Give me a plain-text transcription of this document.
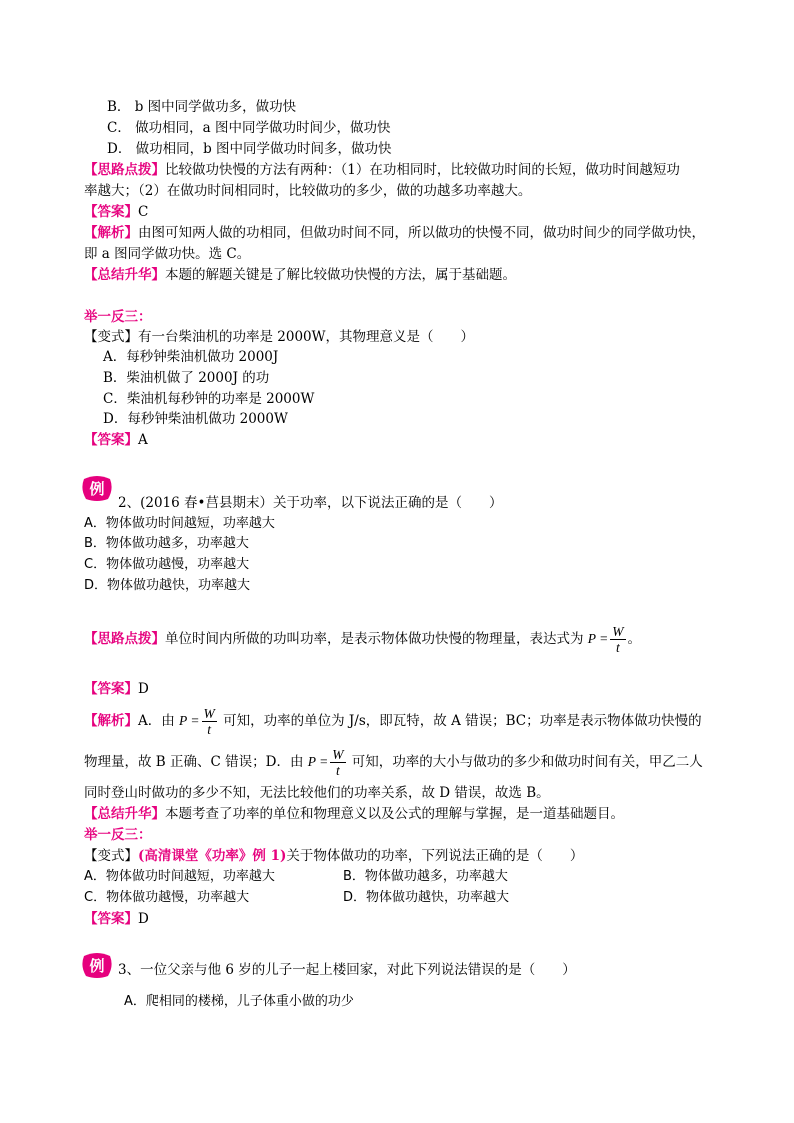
B． b 图中同学做功多，做功快
C． 做功相同，a 图中同学做功时间少，做功快
D． 做功相同，b 图中同学做功时间多，做功快
【思路点拨】比较做功快慢的方法有两种：（1）在功相同时，比较做功时间的长短，做功时间越短功
率越大；（2）在做功时间相同时，比较做功的多少，做的功越多功率越大。
【答案】C
【解析】由图可知两人做的功相同，但做功时间不同，所以做功的快慢不同，做功时间少的同学做功快，
即 a 图同学做功快。选 C。
【总结升华】本题的解题关键是了解比较做功快慢的方法，属于基础题。
举一反三：
【变式】有一台柴油机的功率是 2000W，其物理意义是（　　）
A．每秒钟柴油机做功 2000J
B．柴油机做了 2000J 的功
C．柴油机每秒钟的功率是 2000W
D．每秒钟柴油机做功 2000W
【答案】A
例
2、(2016 春•莒县期末）关于功率，以下说法正确的是（　　）
A．物体做功时间越短，功率越大
B．物体做功越多，功率越大
C．物体做功越慢，功率越大
D．物体做功越快，功率越大
【思路点拨】单位时间内所做的功叫功率，是表示物体做功快慢的物理量，表达式为 $P = \frac{W}{t}$ 。
【答案】D
【解析】A．由 $P = \frac{W}{t}$ 可知，功率的单位为 J/s，即瓦特，故 A 错误；BC；功率是表示物体做功快慢的
物理量，故 B 正确、C 错误；D．由 $P = \frac{W}{t}$ 可知，功率的大小与做功的多少和做功时间有关，甲乙二人
同时登山时做功的多少不知，无法比较他们的功率关系，故 D 错误，故选 B。
【总结升华】本题考查了功率的单位和物理意义以及公式的理解与掌握，是一道基础题目。
举一反三：
【变式】(高清课堂《功率》例 1)关于物体做功的功率，下列说法正确的是（　　）
A．物体做功时间越短，功率越大	B．物体做功越多，功率越大
C．物体做功越慢，功率越大	D．物体做功越快，功率越大
【答案】D
例 3、一位父亲与他 6 岁的儿子一起上楼回家，对此下列说法错误的是（　　）
A．爬相同的楼梯，儿子体重小做的功少
